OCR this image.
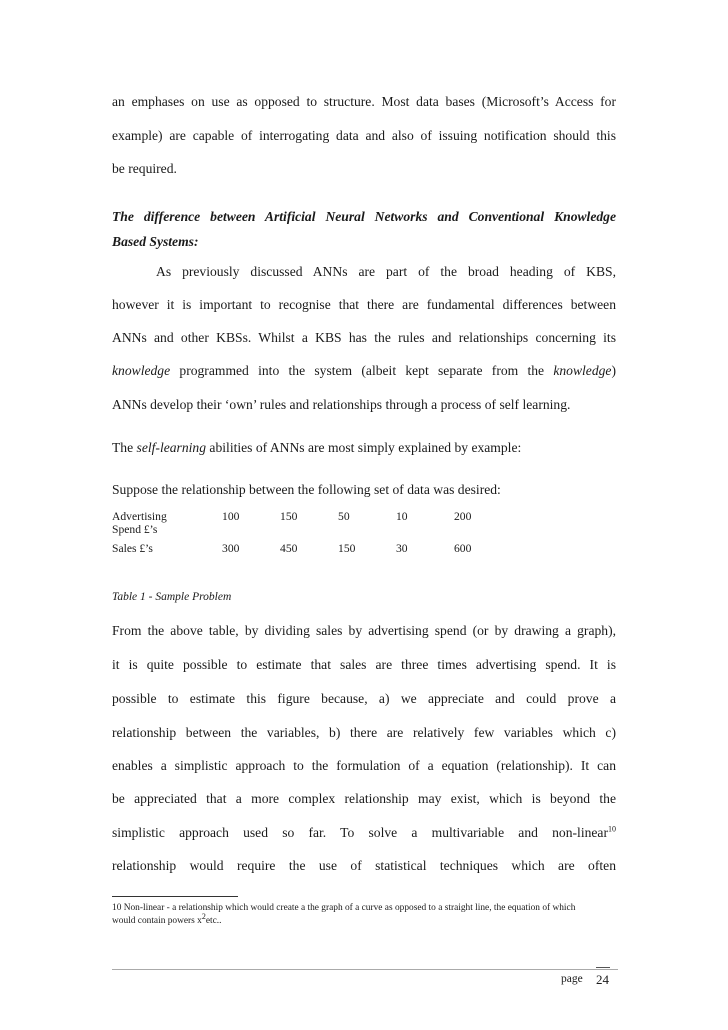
an emphases on use as opposed to structure. Most data bases (Microsoft’s Access for
example) are capable of interrogating data and also of issuing notification should this
be required.
The difference between Artificial Neural Networks and Conventional Knowledge
Based Systems:
As previously discussed ANNs are part of the broad heading of KBS,
however it is important to recognise that there are fundamental differences between
ANNs and other KBSs. Whilst a KBS has the rules and relationships concerning its
knowledge programmed into the system (albeit kept separate from the knowledge)
ANNs develop their ‘own’ rules and relationships through a process of self learning.
The self-learning abilities of ANNs are most simply explained by example:
Suppose the relationship between the following set of data was desired:
Advertising
Spend £’s	100	150	50	10	200
Sales £’s	300	450	150	30	600
Table 1 - Sample Problem
From the above table, by dividing sales by advertising spend (or by drawing a graph),
it is quite possible to estimate that sales are three times advertising spend. It is
possible to estimate this figure because, a) we appreciate and could prove a
relationship between the variables, b) there are relatively few variables which c)
enables a simplistic approach to the formulation of a equation (relationship). It can
be appreciated that a more complex relationship may exist, which is beyond the
simplistic approach used so far. To solve a multivariable and non-linear$^{10}$
relationship would require the use of statistical techniques which are often
10 Non-linear - a relationship which would create a the graph of a curve as opposed to a straight line, the equation of which
would contain powers $x^2etc$..
page 24
